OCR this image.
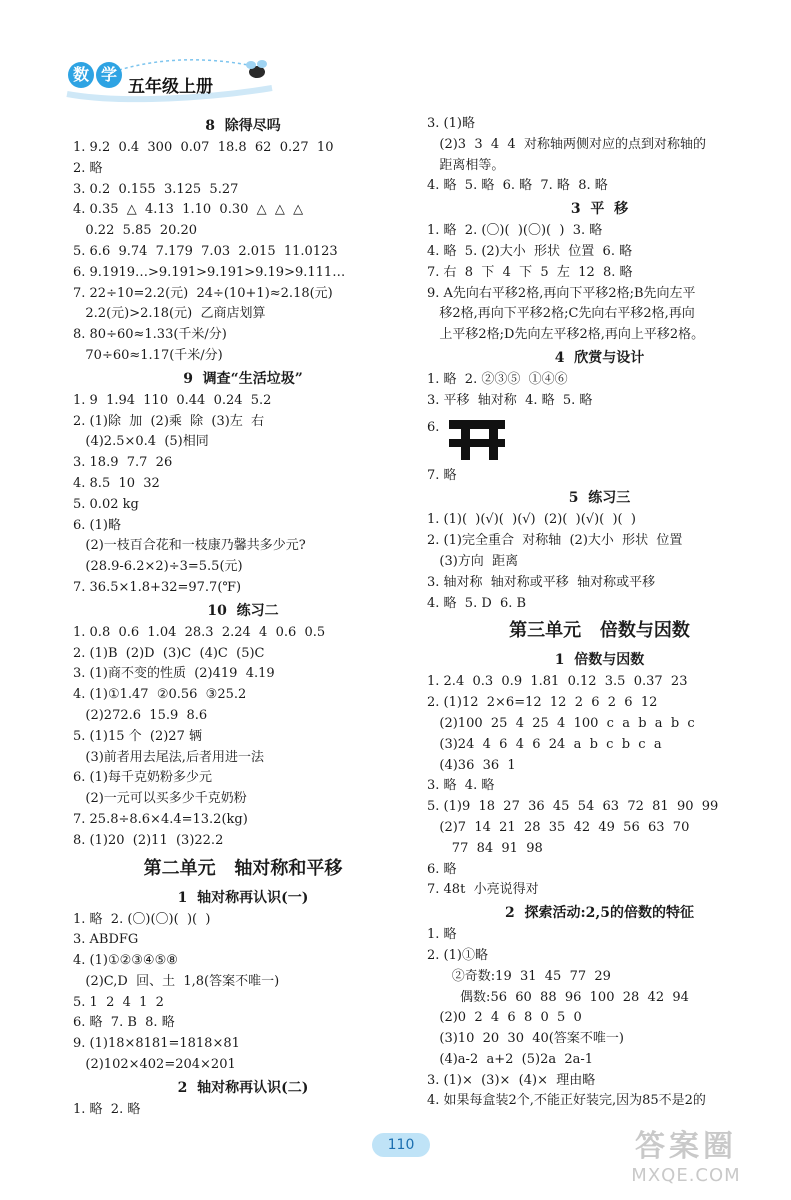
数 学
五年级上册
8  除得尽吗
1. 9.2  0.4  300  0.07  18.8  62  0.27  10
2. 略
3. 0.2  0.155  3.125  5.27
4. 0.35  △  4.13  1.10  0.30  △  △  △
0.22  5.85  20.20
5. 6.6  9.74  7.179  7.03  2.015  11.0123
6. 9.1919…>9.191>9.191>9.19>9.111…
7. 22÷10=2.2(元)  24÷(10+1)≈2.18(元)
2.2(元)>2.18(元)  乙商店划算
8. 80÷60≈1.33(千米/分)
70÷60≈1.17(千米/分)
9  调查“生活垃圾”
1. 9  1.94  110  0.44  0.24  5.2
2. (1)除  加  (2)乘  除  (3)左  右
(4)2.5×0.4  (5)相同
3. 18.9  7.7  26
4. 8.5  10  32
5. 0.02 kg
6. (1)略
(2)一枝百合花和一枝康乃馨共多少元?
(28.9-6.2×2)÷3=5.5(元)
7. 36.5×1.8+32=97.7(℉)
10  练习二
1. 0.8  0.6  1.04  28.3  2.24  4  0.6  0.5
2. (1)B  (2)D  (3)C  (4)C  (5)C
3. (1)商不变的性质  (2)419  4.19
4. (1)①1.47  ②0.56  ③25.2
(2)272.6  15.9  8.6
5. (1)15 个  (2)27 辆
(3)前者用去尾法,后者用进一法
6. (1)每千克奶粉多少元
(2)一元可以买多少千克奶粉
7. 25.8÷8.6×4.4=13.2(kg)
8. (1)20  (2)11  (3)22.2
第二单元   轴对称和平移
1  轴对称再认识(一)
1. 略  2. (〇)(〇)(  )(  )
3. ABDFG
4. (1)①②③④⑤⑧
(2)C,D  回、土  1,8(答案不唯一)
5. 1  2  4  1  2
6. 略  7. B  8. 略
9. (1)18×8181=1818×81
(2)102×402=204×201
2  轴对称再认识(二)
1. 略  2. 略
3. (1)略
(2)3  3  4  4  对称轴两侧对应的点到对称轴的
距离相等。
4. 略  5. 略  6. 略  7. 略  8. 略
3  平  移
1. 略  2. (〇)(  )(〇)(  )  3. 略
4. 略  5. (2)大小  形状  位置  6. 略
7. 右  8  下  4  下  5  左  12  8. 略
9. A先向右平移2格,再向下平移2格;B先向左平
移2格,再向下平移2格;C先向右平移2格,再向
上平移2格;D先向左平移2格,再向上平移2格。
4  欣赏与设计
1. 略  2. ②③⑤  ①④⑥
3. 平移  轴对称  4. 略  5. 略
6.
7. 略
5  练习三
1. (1)(  )(√)(  )(√)  (2)(  )(√)(  )(  )
2. (1)完全重合  对称轴  (2)大小  形状  位置
(3)方向  距离
3. 轴对称  轴对称或平移  轴对称或平移
4. 略  5. D  6. B
第三单元   倍数与因数
1  倍数与因数
1. 2.4  0.3  0.9  1.81  0.12  3.5  0.37  23
2. (1)12  2×6=12  12  2  6  2  6  12
(2)100  25  4  25  4  100  c  a  b  a  b  c
(3)24  4  6  4  6  24  a  b  c  b  c  a
(4)36  36  1
3. 略  4. 略
5. (1)9  18  27  36  45  54  63  72  81  90  99
(2)7  14  21  28  35  42  49  56  63  70
77  84  91  98
6. 略
7. 48t  小亮说得对
2  探索活动:2,5的倍数的特征
1. 略
2. (1)①略
②奇数:19  31  45  77  29
偶数:56  60  88  96  100  28  42  94
(2)0  2  4  6  8  0  5  0
(3)10  20  30  40(答案不唯一)
(4)a-2  a+2  (5)2a  2a-1
3. (1)×  (3)×  (4)×  理由略
4. 如果每盒装2个,不能正好装完,因为85不是2的
110	答案圈
MXQE.COM
